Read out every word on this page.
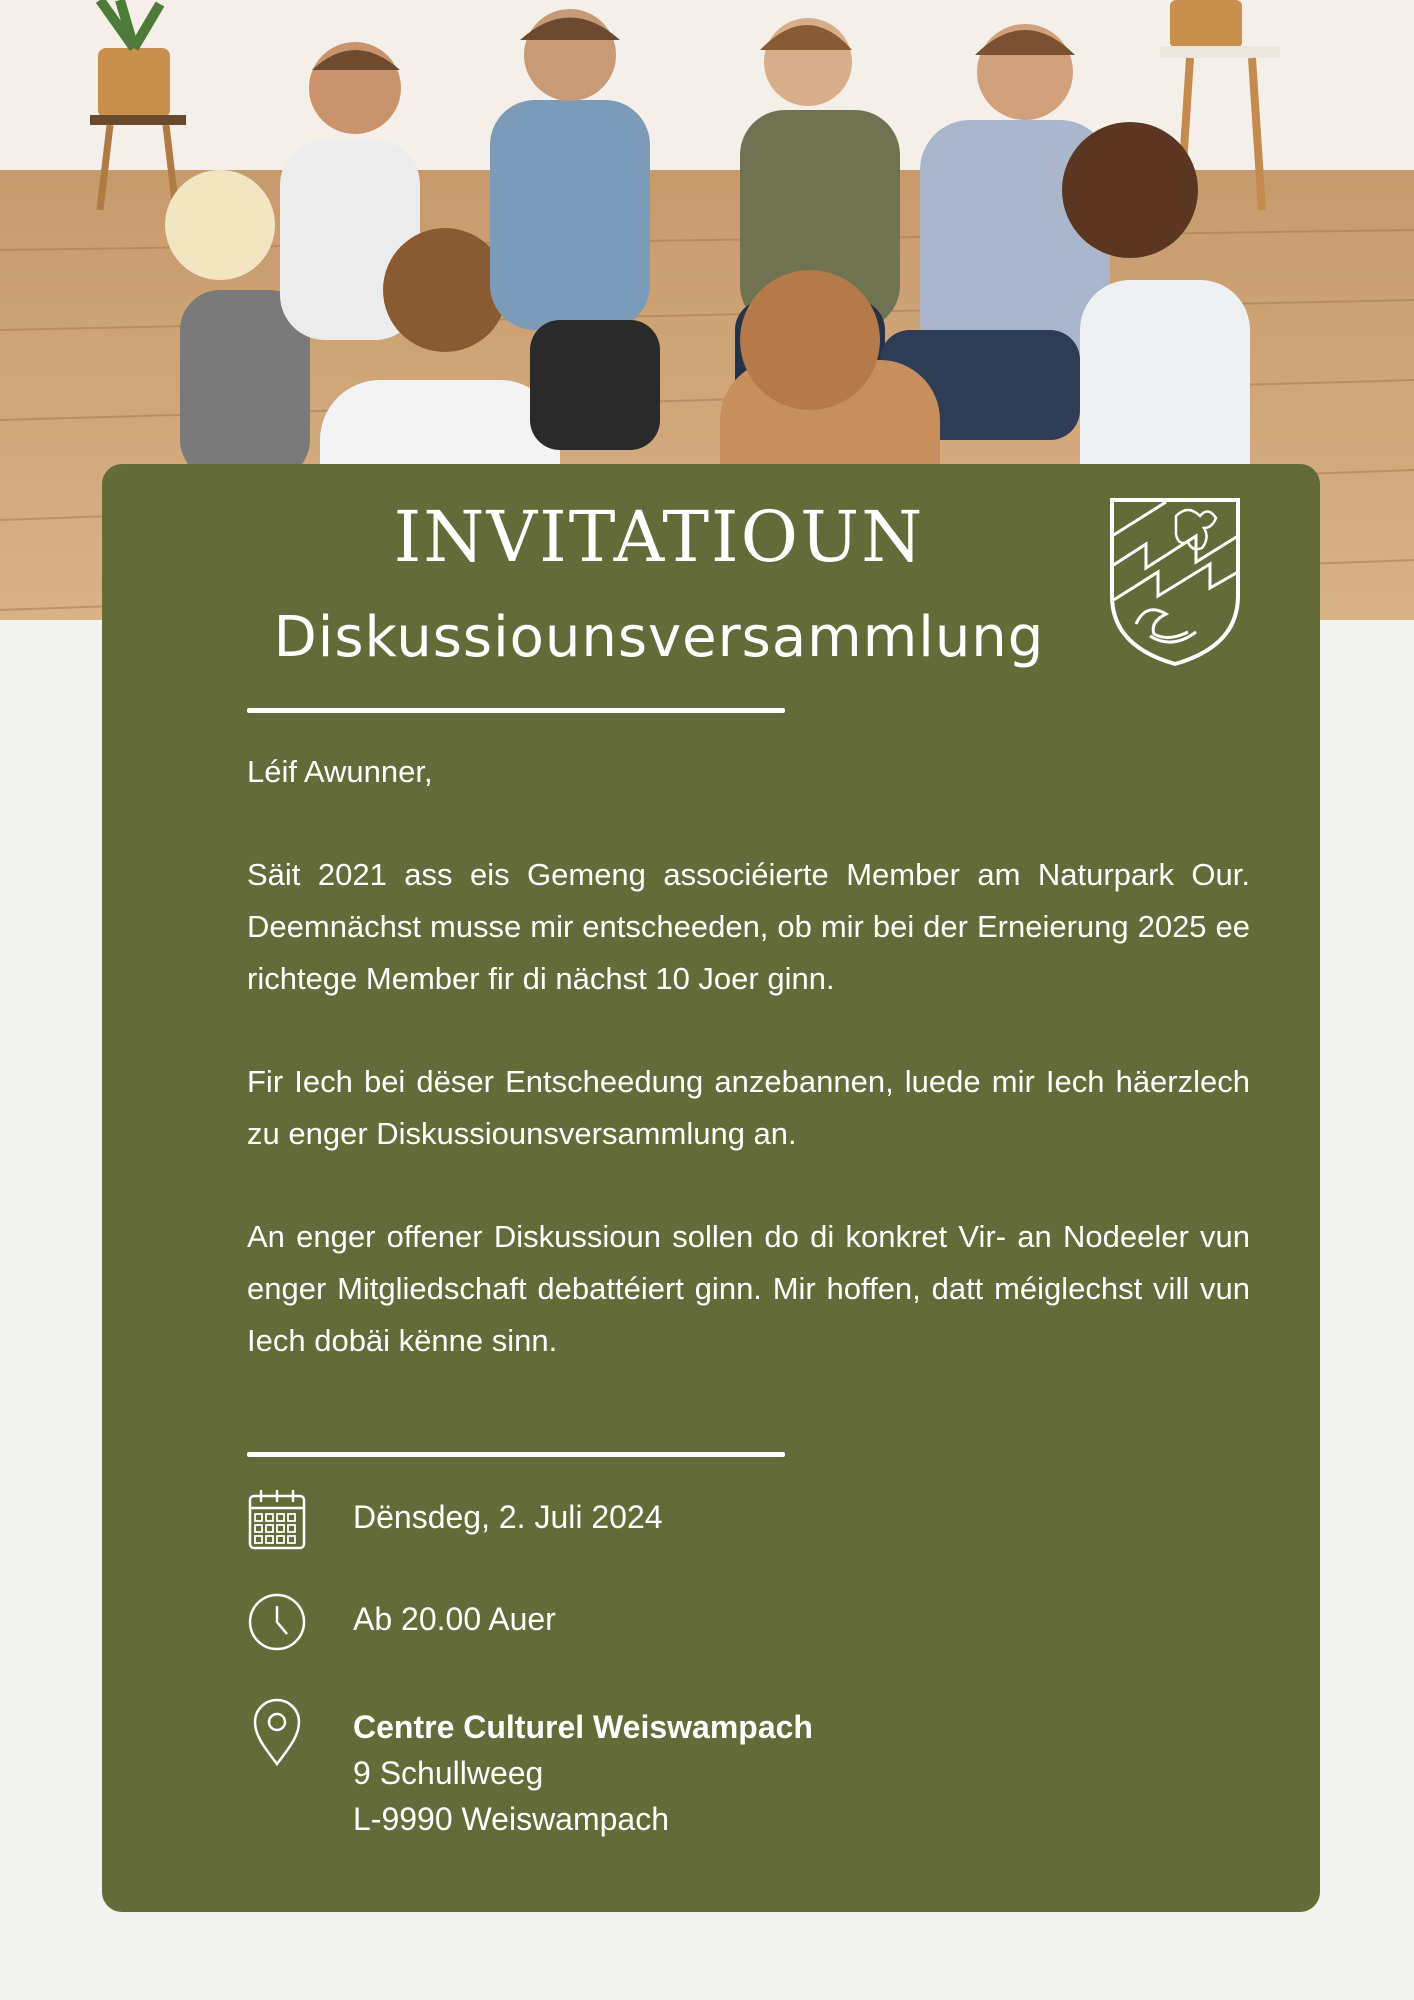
INVITATIOUN
Diskussiounsversammlung

Léif Awunner,

Säit 2021 ass eis Gemeng associéierte Member am Naturpark Our. Deemnächst musse mir entscheeden, ob mir bei der Erneierung 2025 ee richtege Member fir di nächst 10 Joer ginn.

Fir Iech bei dëser Entscheedung anzebannen, luede mir Iech häerzlech zu enger Diskussiounsversammlung an.

An enger offener Diskussioun sollen do di konkret Vir- an Nodeeler vun enger Mitgliedschaft debattéiert ginn. Mir hoffen, datt méiglechst vill vun Iech dobäi kënne sinn.

Dënsdeg, 2. Juli 2024
Ab 20.00 Auer
Centre Culturel Weiswampach
9 Schullweeg
L-9990 Weiswampach
